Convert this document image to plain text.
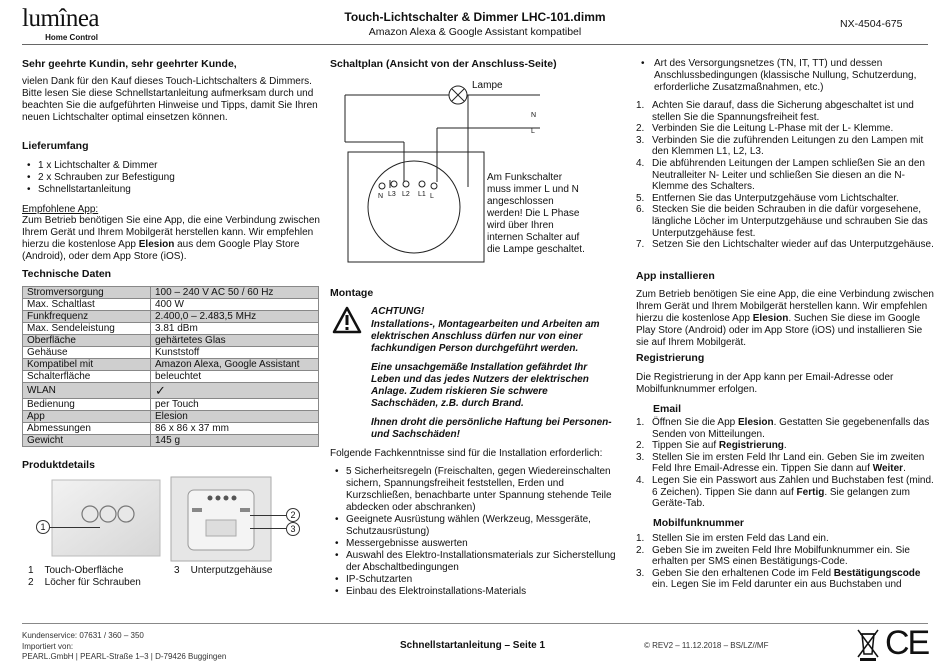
lumînea
Home Control
Touch-Lichtschalter & Dimmer LHC-101.dimm
Amazon Alexa & Google Assistant kompatibel
NX-4504-675
Sehr geehrte Kundin, sehr geehrter Kunde,
vielen Dank für den Kauf dieses Touch-Lichtschalters & Dimmers. Bitte lesen Sie diese Schnellstartanleitung aufmerksam durch und beachten Sie die aufgeführten Hinweise und Tipps, damit Sie Ihren neuen Lichtschalter optimal einsetzen können.
Lieferumfang
• 1 x Lichtschalter & Dimmer
• 2 x Schrauben zur Befestigung
• Schnellstartanleitung
Empfohlene App:
Zum Betrieb benötigen Sie eine App, die eine Verbindung zwischen Ihrem Gerät und Ihrem Mobilgerät herstellen kann. Wir empfehlen hierzu die kostenlose App Elesion aus dem Google Play Store (Android), oder dem App Store (iOS).
Technische Daten
Stromversorgung	100 – 240 V AC 50 / 60 Hz
Max. Schaltlast	400 W
Funkfrequenz	2.400,0 – 2.483,5 MHz
Max. Sendeleistung	3.81 dBm
Oberfläche	gehärtetes Glas
Gehäuse	Kunststoff
Kompatibel mit	Amazon Alexa, Google Assistant
Schalterfläche	beleuchtet
WLAN	✓
Bedienung	per Touch
App	Elesion
Abmessungen	86 x 86 x 37 mm
Gewicht	145 g
Produktdetails
1
2
3
1    Touch-Oberfläche	3    Unterputzgehäuse
2    Löcher für Schrauben
Schaltplan (Ansicht von der Anschluss-Seite)
Lampe
N
L
N L3 L2 L1 L
Am Funkschalter muss immer L und N angeschlossen werden! Die L Phase wird über Ihren internen Schalter auf die Lampe geschaltet.
Montage
ACHTUNG!
Installations-, Montagearbeiten und Arbeiten am elektrischen Anschluss dürfen nur von einer fachkundigen Person durchgeführt werden.
Eine unsachgemäße Installation gefährdet Ihr Leben und das jedes Nutzers der elektrischen Anlage. Zudem riskieren Sie schwere Sachschäden, z.B. durch Brand.
Ihnen droht die persönliche Haftung bei Personen- und Sachschäden!
Folgende Fachkenntnisse sind für die Installation erforderlich:
• 5 Sicherheitsregeln (Freischalten, gegen Wiedereinschalten sichern, Spannungsfreiheit feststellen, Erden und Kurzschließen, benachbarte unter Spannung stehende Teile abdecken oder abschranken)
• Geeignete Ausrüstung wählen (Werkzeug, Messgeräte, Schutzausrüstung)
• Messergebnisse auswerten
• Auswahl des Elektro-Installationsmaterials zur Sicherstellung der Abschaltbedingungen
• IP-Schutzarten
• Einbau des Elektroinstallations-Materials
• Art des Versorgungsnetzes (TN, IT, TT) und dessen Anschlussbedingungen (klassische Nullung, Schutzerdung, erforderliche Zusatzmaßnahmen, etc.)
1. Achten Sie darauf, dass die Sicherung abgeschaltet ist und stellen Sie die Spannungsfreiheit fest.
2. Verbinden Sie die Leitung L-Phase mit der L- Klemme.
3. Verbinden Sie die zuführenden Leitungen zu den Lampen mit den Klemmen L1, L2, L3.
4. Die abführenden Leitungen der Lampen schließen Sie an den Neutralleiter N- Leiter und schließen Sie diesen an die N-Klemme des Schalters.
5. Entfernen Sie das Unterputzgehäuse vom Lichtschalter.
6. Stecken Sie die beiden Schrauben in die dafür vorgesehene, längliche Löcher im Unterputzgehäuse und schrauben Sie das Unterputzgehäuse fest.
7. Setzen Sie den Lichtschalter wieder auf das Unterputzgehäuse.
App installieren
Zum Betrieb benötigen Sie eine App, die eine Verbindung zwischen Ihrem Gerät und Ihrem Mobilgerät herstellen kann. Wir empfehlen hierzu die kostenlose App Elesion. Suchen Sie diese im Google Play Store (Android) oder im App Store (iOS) und installieren Sie sie auf Ihrem Mobilgerät.
Registrierung
Die Registrierung in der App kann per Email-Adresse oder Mobilfunknummer erfolgen.
Email
1. Öffnen Sie die App Elesion. Gestatten Sie gegebenenfalls das Senden von Mitteilungen.
2. Tippen Sie auf Registrierung.
3. Stellen Sie im ersten Feld Ihr Land ein. Geben Sie im zweiten Feld Ihre Email-Adresse ein. Tippen Sie dann auf Weiter.
4. Legen Sie ein Passwort aus Zahlen und Buchstaben fest (mind. 6 Zeichen). Tippen Sie dann auf Fertig. Sie gelangen zum Geräte-Tab.
Mobilfunknummer
1. Stellen Sie im ersten Feld das Land ein.
2. Geben Sie im zweiten Feld Ihre Mobilfunknummer ein. Sie erhalten per SMS einen Bestätigungs-Code.
3. Geben Sie den erhaltenen Code im Feld Bestätigungscode ein. Legen Sie im Feld darunter ein aus Buchstaben und
Kundenservice: 07631 / 360 – 350
Importiert von:
PEARL.GmbH | PEARL-Straße 1–3 | D-79426 Buggingen
Schnellstartanleitung – Seite 1	© REV2 – 11.12.2018 – BS/LZ//MF	CE
